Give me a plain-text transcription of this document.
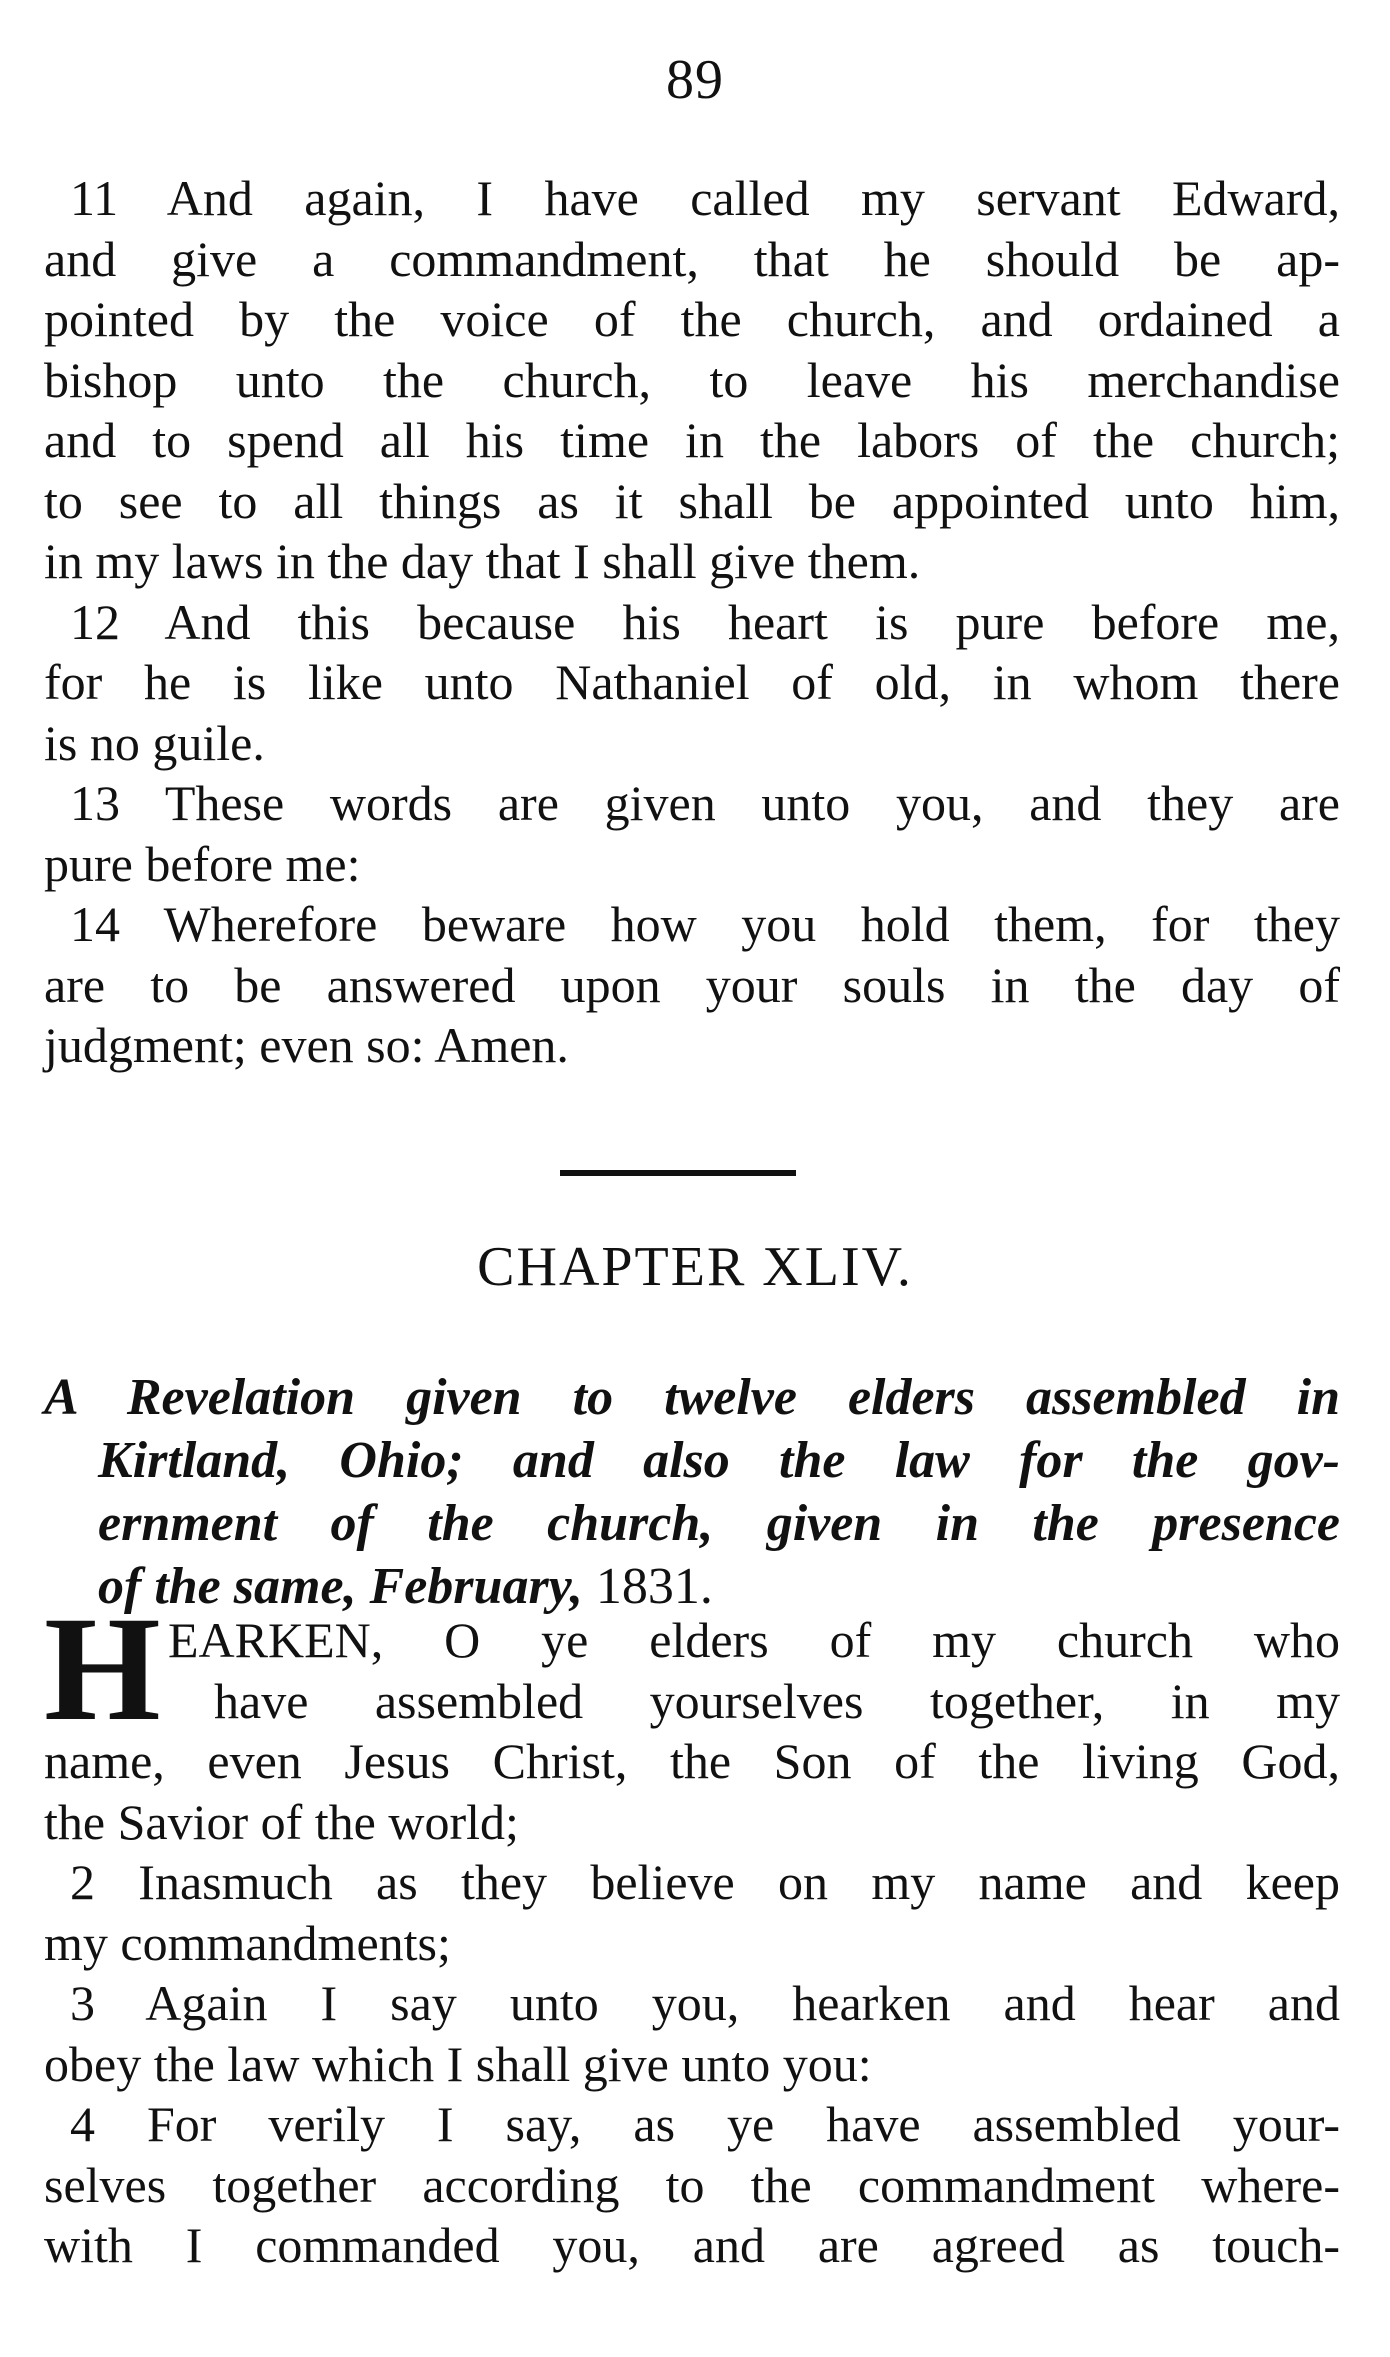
89
11 And again, I have called my servant Edward,
and give a commandment, that he should be ap-
pointed by the voice of the church, and ordained a
bishop unto the church, to leave his merchandise
and to spend all his time in the labors of the church;
to see to all things as it shall be appointed unto him,
in my laws in the day that I shall give them.
12 And this because his heart is pure before me,
for he is like unto Nathaniel of old, in whom there
is no guile.
13 These words are given unto you, and they are
pure before me:
14 Wherefore beware how you hold them, for they
are to be answered upon your souls in the day of
judgment; even so: Amen.
CHAPTER XLIV.
A Revelation given to twelve elders assembled in
Kirtland, Ohio; and also the law for the gov-
ernment of the church, given in the presence
of the same, February, 1831.
H EARKEN, O ye elders of my church who
have assembled yourselves together, in my
name, even Jesus Christ, the Son of the living God,
the Savior of the world;
2 Inasmuch as they believe on my name and keep
my commandments;
3 Again I say unto you, hearken and hear and
obey the law which I shall give unto you:
4 For verily I say, as ye have assembled your-
selves together according to the commandment where-
with I commanded you, and are agreed as touch-
